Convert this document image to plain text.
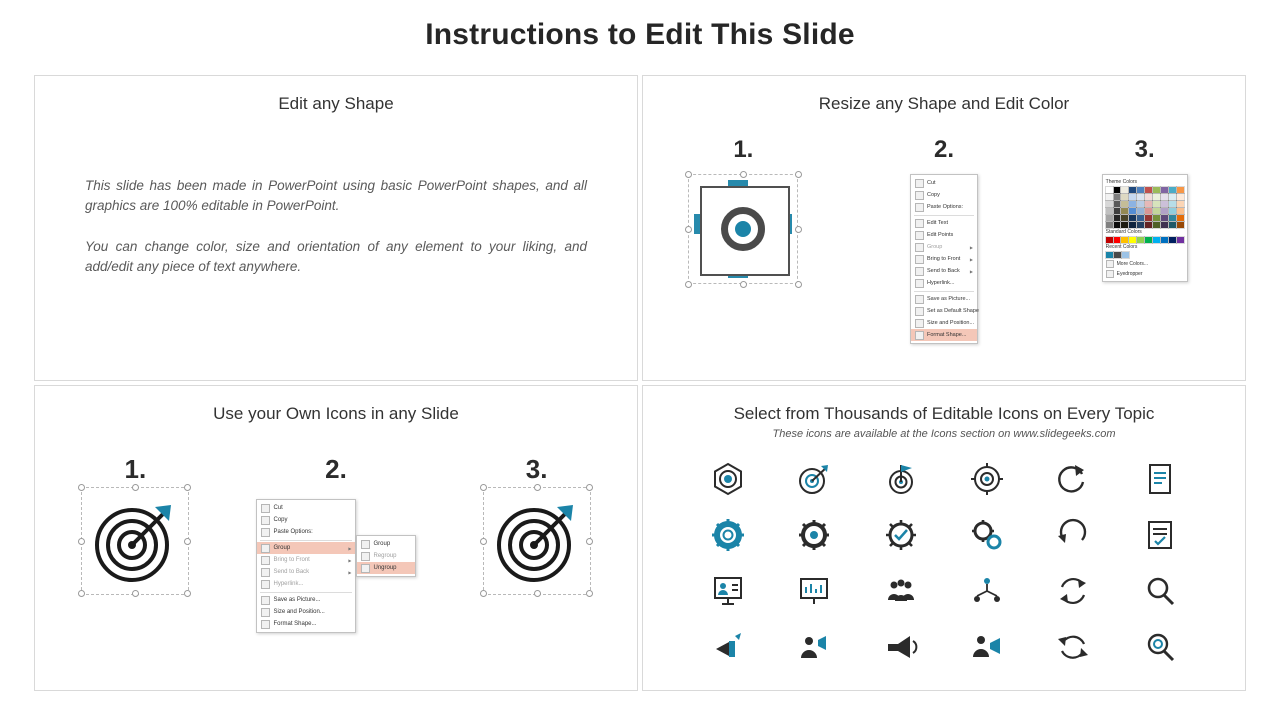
Instructions to Edit This Slide
Edit any Shape
This slide has been made in PowerPoint using basic PowerPoint shapes, and all graphics are 100% editable in PowerPoint.
You can change color, size and orientation of any element to your liking, and add/edit any piece of text anywhere.
Resize any Shape and Edit Color
1.	2.
Cut
Copy
Paste Options:
Edit Text
Edit Points
Group
▶
Bring to Front
▶
Send to Back
▶
Hyperlink...
Save as Picture...
Set as Default Shape
Size and Position...
Format Shape...
3.
Theme Colors
Standard Colors
Recent Colors
More Colors...
Eyedropper
Use your Own Icons in any Slide
1.	2.
Cut
Copy
Paste Options:
Group
▶
Bring to Front
▶
Send to Back
▶
Hyperlink...
Save as Picture...
Size and Position...
Format Shape...
Group
Regroup
Ungroup
3.
Select from Thousands of Editable Icons on Every Topic
These icons are available at the Icons section on www.slidegeeks.com
